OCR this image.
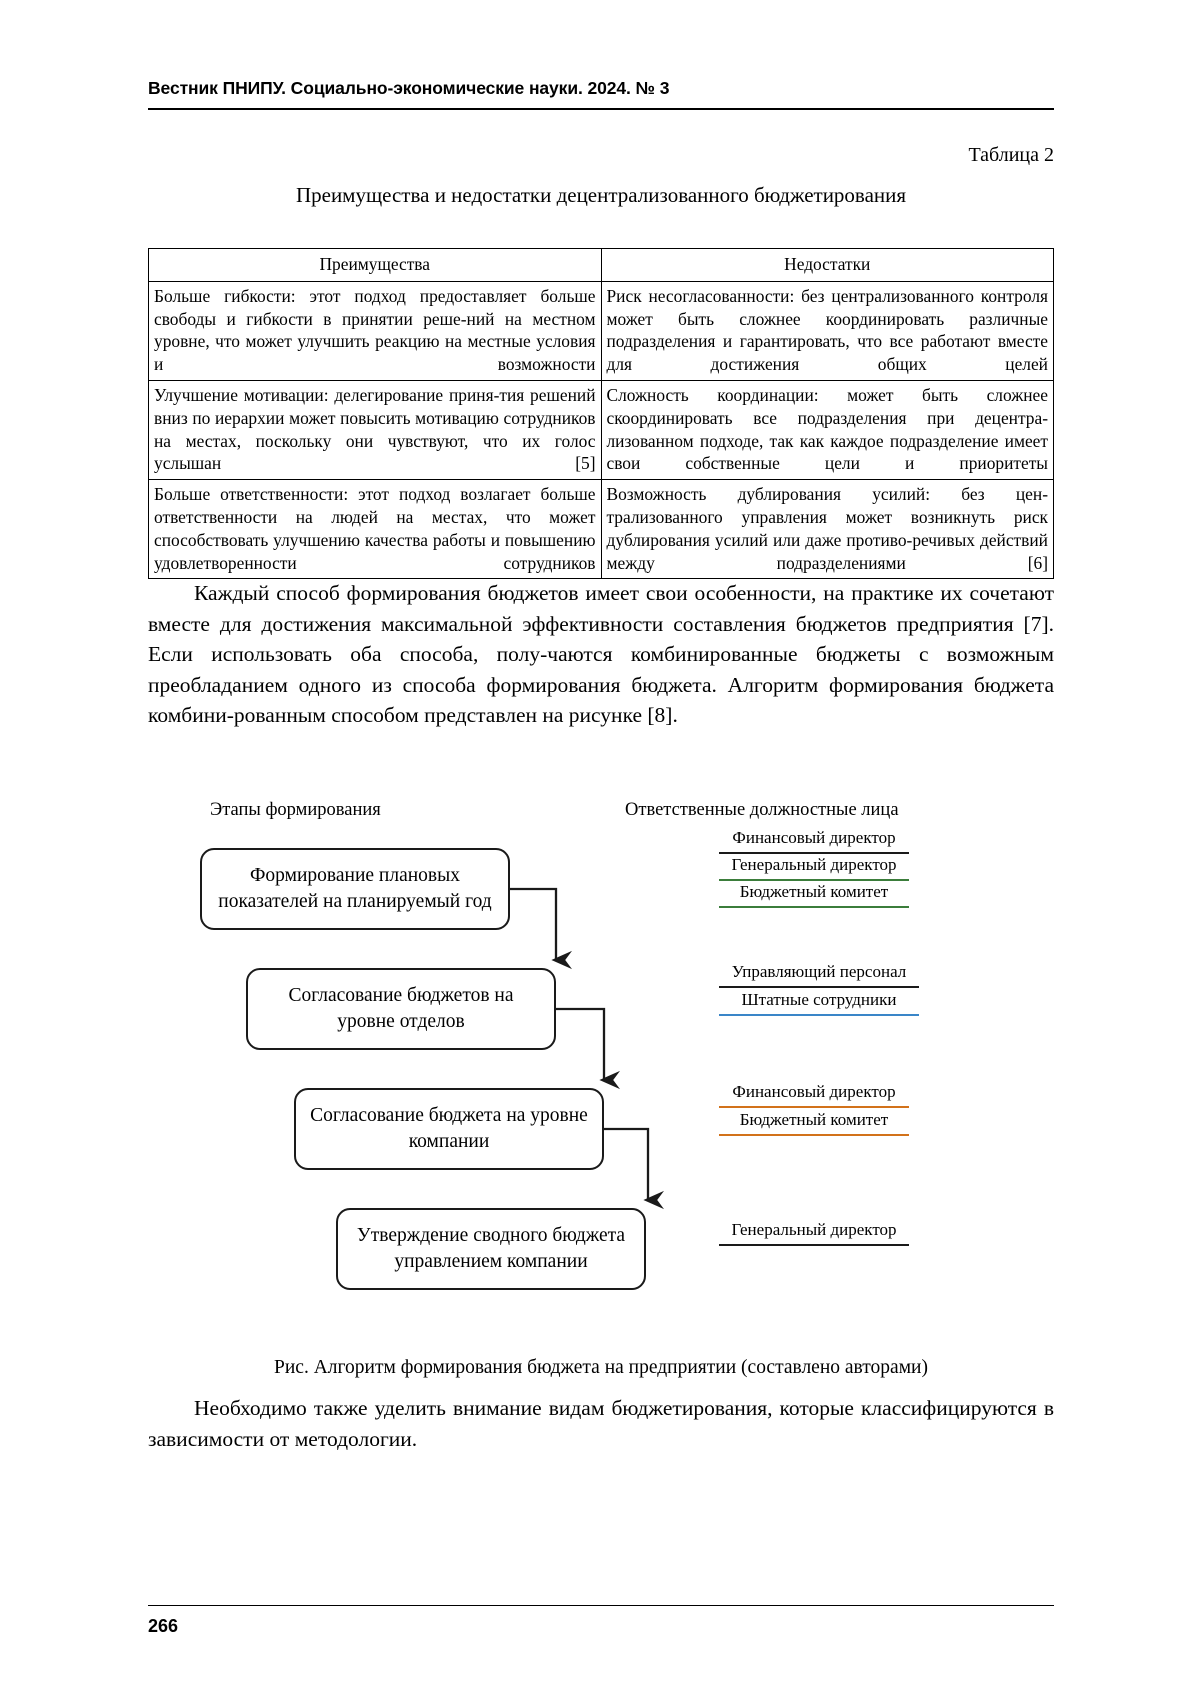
Вестник ПНИПУ. Социально-экономические науки. 2024. № 3
Таблица 2
Преимущества и недостатки децентрализованного бюджетирования
Преимущества	Недостатки
Больше гибкости: этот подход предоставляет больше свободы и гибкости в принятии реше-ний на местном уровне, что может улучшить реакцию на местные условия и возможности	Риск несогласованности: без централизованного контроля может быть сложнее координировать различные подразделения и гарантировать, что все работают вместе для достижения общих целей
Улучшение мотивации: делегирование приня-тия решений вниз по иерархии может повысить мотивацию сотрудников на местах, поскольку они чувствуют, что их голос услышан [5]	Сложность координации: может быть сложнее скоординировать все подразделения при децентра-лизованном подходе, так как каждое подразделение имеет свои собственные цели и приоритеты
Больше ответственности: этот подход возлагает больше ответственности на людей на местах, что может способствовать улучшению качества работы и повышению удовлетворенности сотрудников	Возможность дублирования усилий: без цен-трализованного управления может возникнуть риск дублирования усилий или даже противо-речивых действий между подразделениями [6]
Каждый способ формирования бюджетов имеет свои особенности, на практике их сочетают вместе для достижения максимальной эффективности составления бюджетов предприятия [7]. Если использовать оба способа, полу-чаются комбинированные бюджеты с возможным преобладанием одного из способа формирования бюджета. Алгоритм формирования бюджета комбини-рованным способом представлен на рисунке [8].
Этапы формирования	Ответственные должностные лица
Формирование плановых показателей на планируемый год
Согласование бюджетов на уровне отделов
Согласование бюджета на уровне компании
Утверждение сводного бюджета управлением компании
Финансовый директор
Генеральный директор
Бюджетный комитет
Управляющий персонал
Штатные сотрудники
Финансовый директор
Бюджетный комитет
Генеральный директор
Рис. Алгоритм формирования бюджета на предприятии (составлено авторами)
Необходимо также уделить внимание видам бюджетирования, которые классифицируются в зависимости от методологии.
266
